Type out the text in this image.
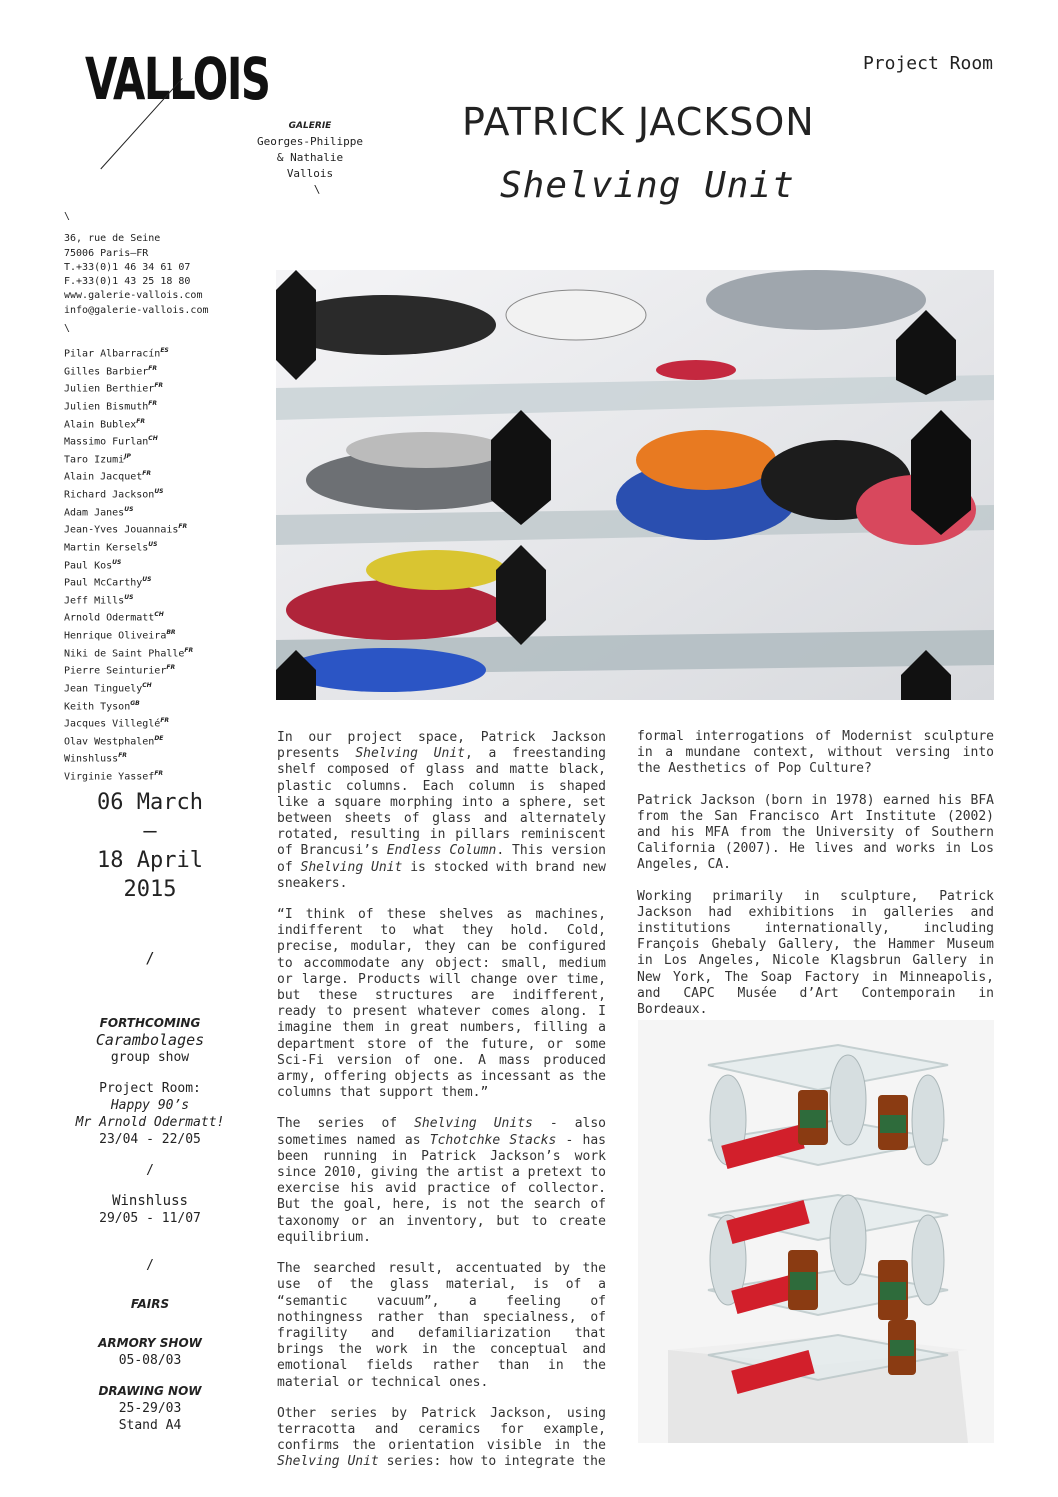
VALLOIS
GALERIE
Georges-Philippe
& Nathalie
Vallois
\
Project Room
PATRICK JACKSON
Shelving Unit
\
36, rue de Seine
75006 Paris—FR
T.+33(0)1 46 34 61 07
F.+33(0)1 43 25 18 80
www.galerie-vallois.com
info@galerie-vallois.com
\
Pilar Albarracín$^{ES}$
Gilles Barbier$^{FR}$
Julien Berthier$^{FR}$
Julien Bismuth$^{FR}$
Alain Bublex$^{FR}$
Massimo Furlan$^{CH}$
Taro Izumi$^{JP}$
Alain Jacquet$^{FR}$
Richard Jackson$^{US}$
Adam Janes$^{US}$
Jean-Yves Jouannais$^{FR}$
Martin Kersels$^{US}$
Paul Kos$^{US}$
Paul McCarthy$^{US}$
Jeff Mills$^{US}$
Arnold Odermatt$^{CH}$
Henrique Oliveira$^{BR}$
Niki de Saint Phalle$^{FR}$
Pierre Seinturier$^{FR}$
Jean Tinguely$^{CH}$
Keith Tyson$^{GB}$
Jacques Villeglé$^{FR}$
Olav Westphalen$^{DE}$
Winshluss$^{FR}$
Virginie Yassef$^{FR}$
06 March
—
18 April
2015
/
FORTHCOMING
Carambolages
group show
Project Room:
Happy 90’s
Mr Arnold Odermatt!
23/04 - 22/05
/
Winshluss
29/05 - 11/07
/
FAIRS
ARMORY SHOW
05-08/03
DRAWING NOW
25-29/03
Stand A4

In our project space, Patrick Jackson presents Shelving Unit, a freestanding shelf composed of glass and matte black, plastic columns. Each column is shaped like a square morphing into a sphere, set between sheets of glass and alternately rotated, resulting in pillars reminiscent of Brancusi’s Endless Column. This version of Shelving Unit is stocked with brand new sneakers.

“I think of these shelves as machines, indifferent to what they hold. Cold, precise, modular, they can be configured to accommodate any object: small, medium or large. Products will change over time, but these structures are indifferent, ready to present whatever comes along. I imagine them in great numbers, filling a department store of the future, or some Sci-Fi version of one. A mass produced army, offering objects as incessant as the columns that support them.”

The series of Shelving Units - also sometimes named as Tchotchke Stacks - has been running in Patrick Jackson’s work since 2010, giving the artist a pretext to exercise his avid practice of collector. But the goal, here, is not the search of taxonomy or an inventory, but to create equilibrium.

The searched result, accentuated by the use of the glass material, is of a “semantic vacuum”, a feeling of nothingness rather than specialness, of fragility and defamiliarization that brings the work in the conceptual and emotional fields rather than in the material or technical ones.

Other series by Patrick Jackson, using terracotta and ceramics for example, confirms the orientation visible in the Shelving Unit series: how to integrate the

formal interrogations of Modernist sculpture in a mundane context, without versing into the Aesthetics of Pop Culture?

Patrick Jackson (born in 1978) earned his BFA from the San Francisco Art Institute (2002) and his MFA from the University of Southern California (2007). He lives and works in Los Angeles, CA.

Working primarily in sculpture, Patrick Jackson had exhibitions in galleries and institutions internationally, including François Ghebaly Gallery, the Hammer Museum in Los Angeles, Nicole Klagsbrun Gallery in New York, The Soap Factory in Minneapolis, and CAPC Musée d’Art Contemporain in Bordeaux.
